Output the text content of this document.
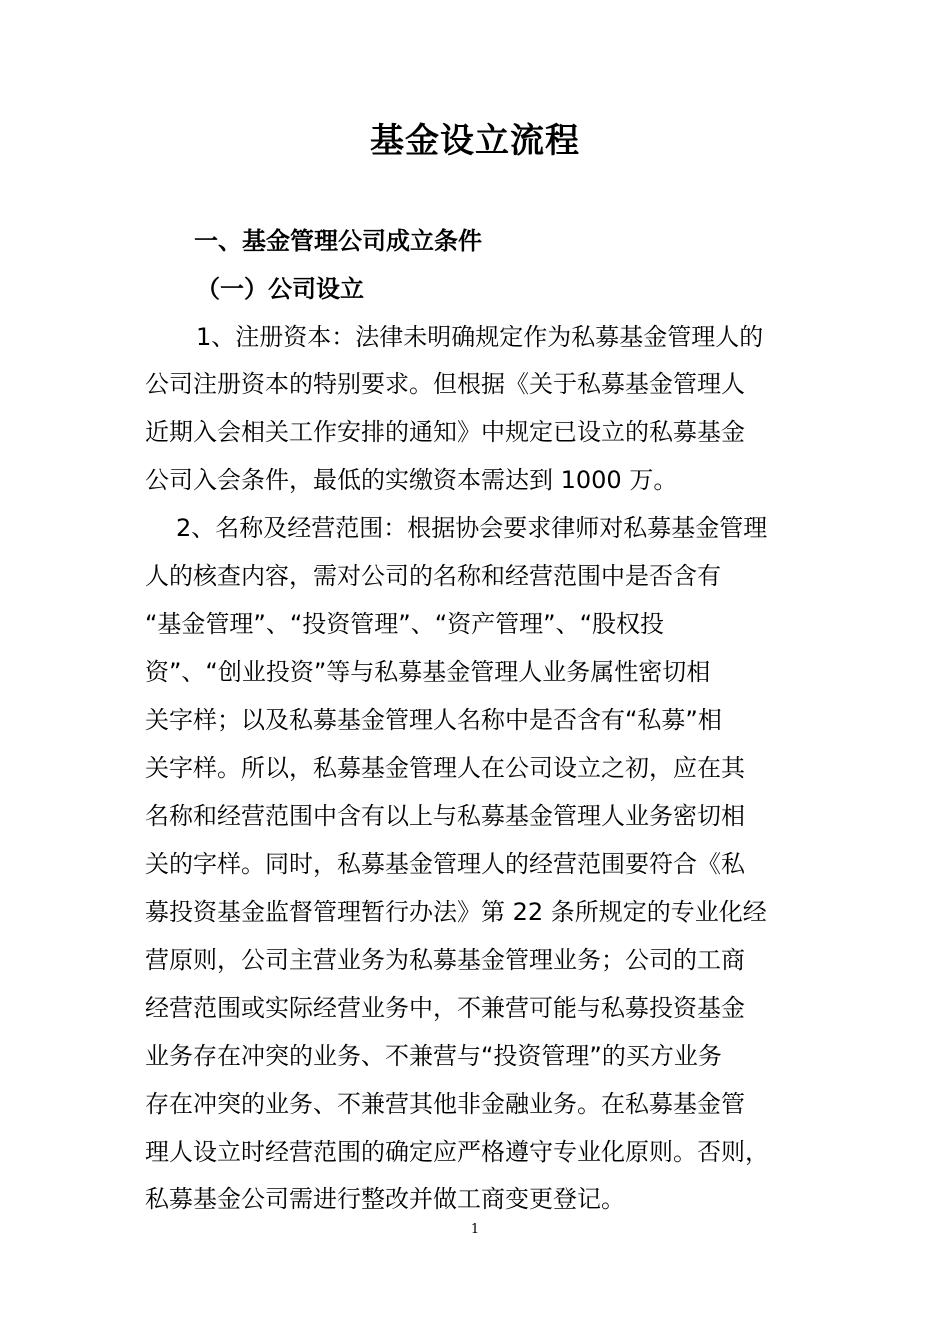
基金设立流程
一、基金管理公司成立条件
（一）公司设立
1、注册资本：法律未明确规定作为私募基金管理人的
公司注册资本的特别要求。但根据《关于私募基金管理人
近期入会相关工作安排的通知》中规定已设立的私募基金
公司入会条件，最低的实缴资本需达到 1000 万。
2、名称及经营范围：根据协会要求律师对私募基金管理
人的核查内容，需对公司的名称和经营范围中是否含有
“基金管理”、“投资管理”、“资产管理”、“股权投
资”、“创业投资”等与私募基金管理人业务属性密切相
关字样；以及私募基金管理人名称中是否含有“私募”相
关字样。所以，私募基金管理人在公司设立之初，应在其
名称和经营范围中含有以上与私募基金管理人业务密切相
关的字样。同时，私募基金管理人的经营范围要符合《私
募投资基金监督管理暂行办法》第 22 条所规定的专业化经
营原则，公司主营业务为私募基金管理业务；公司的工商
经营范围或实际经营业务中，不兼营可能与私募投资基金
业务存在冲突的业务、不兼营与“投资管理”的买方业务
存在冲突的业务、不兼营其他非金融业务。在私募基金管
理人设立时经营范围的确定应严格遵守专业化原则。否则，
私募基金公司需进行整改并做工商变更登记。
1
